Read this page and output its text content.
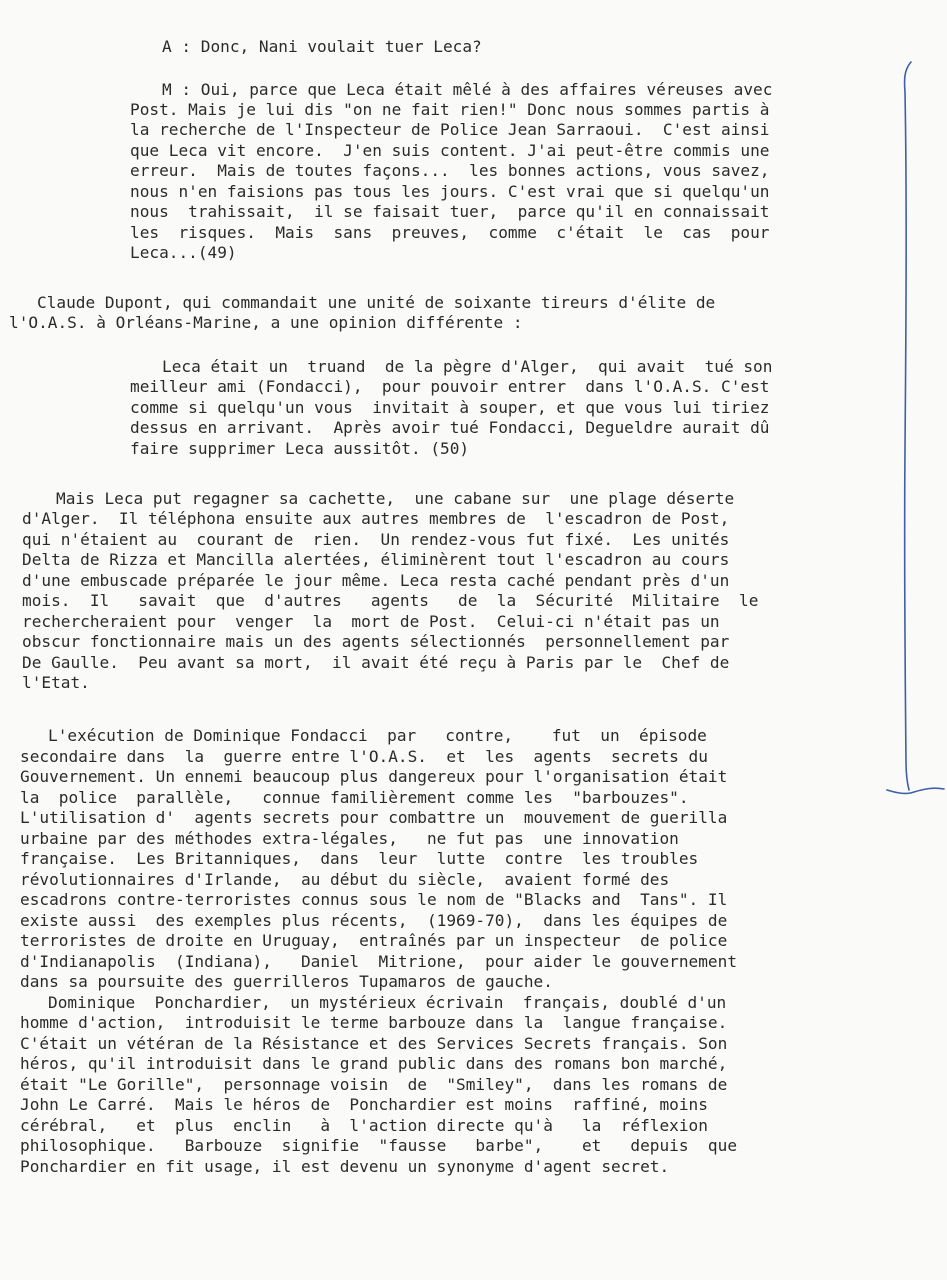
A : Donc, Nani voulait tuer Leca?
M : Oui, parce que Leca était mêlé à des affaires véreuses avec
Post. Mais je lui dis "on ne fait rien!" Donc nous sommes partis à
la recherche de l'Inspecteur de Police Jean Sarraoui.  C'est ainsi
que Leca vit encore.  J'en suis content. J'ai peut-être commis une
erreur.  Mais de toutes façons...  les bonnes actions, vous savez,
nous n'en faisions pas tous les jours. C'est vrai que si quelqu'un
nous  trahissait,  il se faisait tuer,  parce qu'il en connaissait
les  risques.  Mais  sans  preuves,  comme  c'était  le  cas  pour
Leca...(49)
Claude Dupont, qui commandait une unité de soixante tireurs d'élite de
l'O.A.S. à Orléans-Marine, a une opinion différente :
Leca était un  truand  de la pègre d'Alger,  qui avait  tué son
meilleur ami (Fondacci),  pour pouvoir entrer  dans l'O.A.S. C'est
comme si quelqu'un vous  invitait à souper, et que vous lui tiriez
dessus en arrivant.  Après avoir tué Fondacci, Degueldre aurait dû
faire supprimer Leca aussitôt. (50)
Mais Leca put regagner sa cachette,  une cabane sur  une plage déserte
d'Alger.  Il téléphona ensuite aux autres membres de  l'escadron de Post,
qui n'étaient au  courant de  rien.  Un rendez-vous fut fixé.  Les unités
Delta de Rizza et Mancilla alertées, éliminèrent tout l'escadron au cours
d'une embuscade préparée le jour même. Leca resta caché pendant près d'un
mois.  Il   savait  que  d'autres   agents   de  la  Sécurité  Militaire  le
rechercheraient pour  venger  la  mort de Post.  Celui-ci n'était pas un
obscur fonctionnaire mais un des agents sélectionnés  personnellement par
De Gaulle.  Peu avant sa mort,  il avait été reçu à Paris par le  Chef de
l'Etat.
L'exécution de Dominique Fondacci  par   contre,    fut  un  épisode
secondaire dans  la  guerre entre l'O.A.S.  et  les  agents  secrets du
Gouvernement. Un ennemi beaucoup plus dangereux pour l'organisation était
la  police  parallèle,   connue familièrement comme les  "barbouzes".
L'utilisation d'  agents secrets pour combattre un  mouvement de guerilla
urbaine par des méthodes extra-légales,   ne fut pas  une innovation
française.  Les Britanniques,  dans  leur  lutte  contre  les troubles
révolutionnaires d'Irlande,  au début du siècle,  avaient formé des
escadrons contre-terroristes connus sous le nom de "Blacks and  Tans". Il
existe aussi  des exemples plus récents,  (1969-70),  dans les équipes de
terroristes de droite en Uruguay,  entraînés par un inspecteur  de police
d'Indianapolis  (Indiana),   Daniel  Mitrione,  pour aider le gouvernement
dans sa poursuite des guerrilleros Tupamaros de gauche.
Dominique  Ponchardier,  un mystérieux écrivain  français, doublé d'un
homme d'action,  introduisit le terme barbouze dans la  langue française.
C'était un vétéran de la Résistance et des Services Secrets français. Son
héros, qu'il introduisit dans le grand public dans des romans bon marché,
était "Le Gorille",  personnage voisin  de  "Smiley",  dans les romans de
John Le Carré.  Mais le héros de  Ponchardier est moins  raffiné, moins
cérébral,   et  plus  enclin   à  l'action directe qu'à   la  réflexion
philosophique.   Barbouze  signifie  "fausse   barbe",    et   depuis  que
Ponchardier en fit usage, il est devenu un synonyme d'agent secret.
